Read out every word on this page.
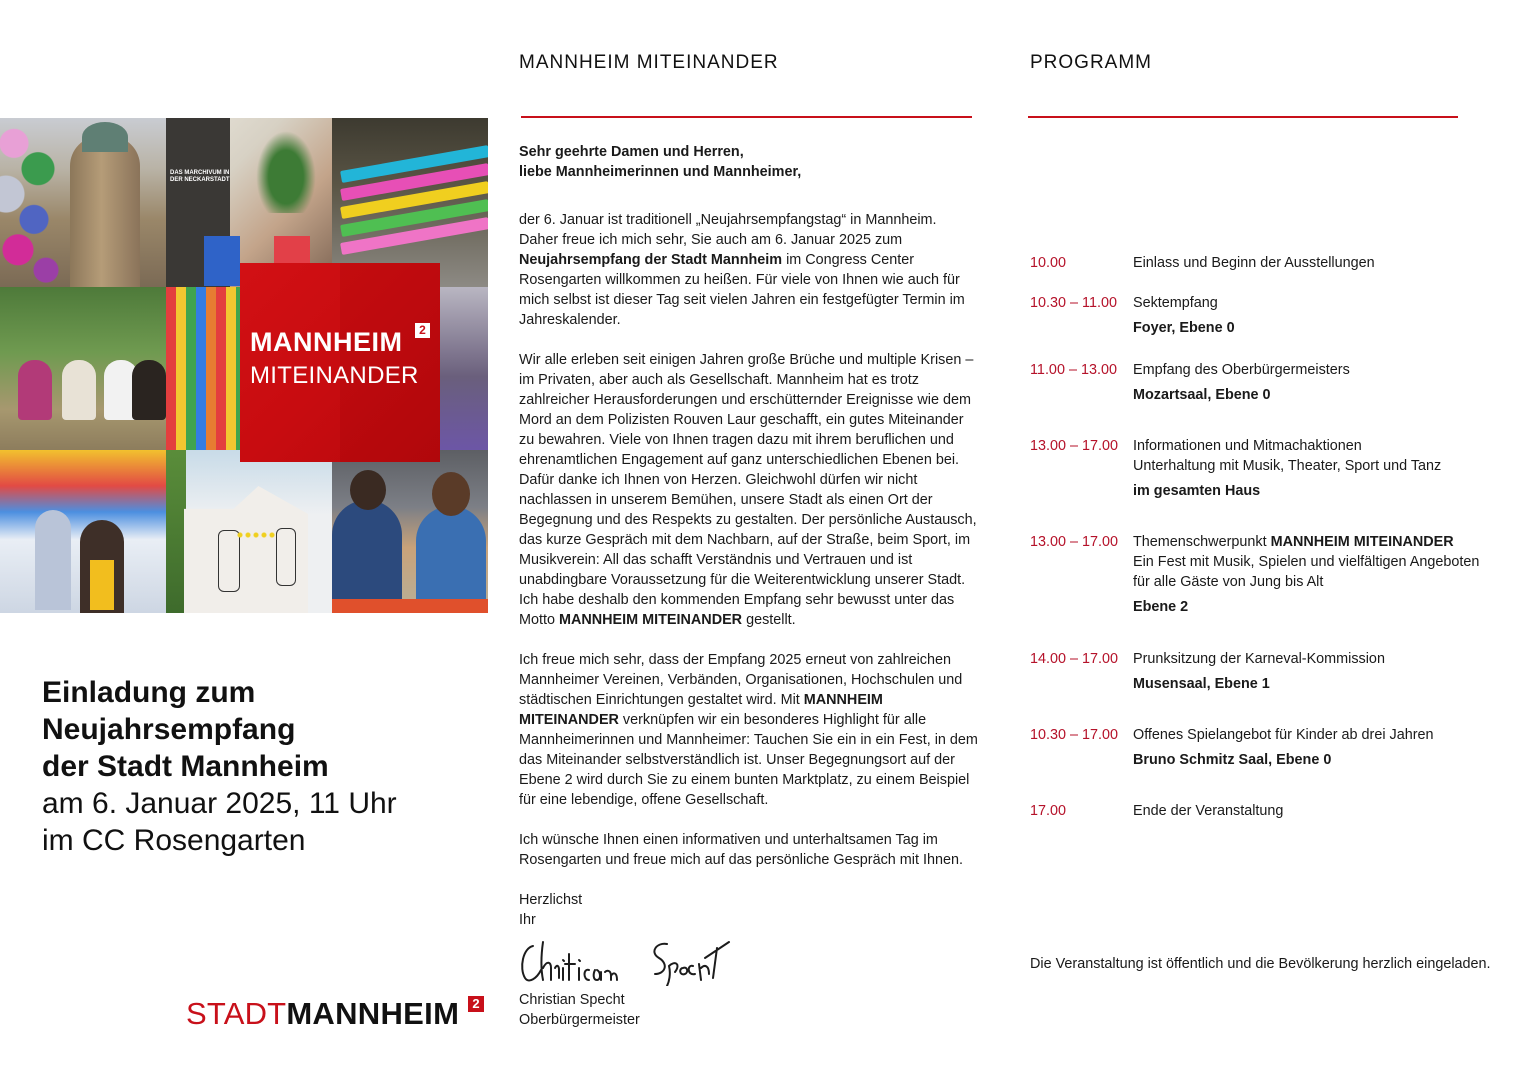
DAS MARCHIVUM IN DER NECKARSTADT
MANNHEIM	2
MITEINANDER
Einladung zum Neujahrsempfang
der Stadt Mannheim
am 6. Januar 2025, 11 Uhr
im CC Rosengarten
STADTMANNHEIM	2
MANNHEIM MITEINANDER
Sehr geehrte Damen und Herren,
liebe Mannheimerinnen und Mannheimer,

der 6. Januar ist traditionell „Neujahrsempfangstag“ in Mannheim. Daher freue ich mich sehr, Sie auch am 6. Januar 2025 zum Neujahrsempfang der Stadt Mannheim im Congress Center Rosengarten willkommen zu heißen. Für viele von Ihnen wie auch für mich selbst ist dieser Tag seit vielen Jahren ein festgefügter Termin im Jahreskalender.

Wir alle erleben seit einigen Jahren große Brüche und multiple Krisen – im Privaten, aber auch als Gesellschaft. Mannheim hat es trotz zahlreicher Herausforderungen und erschütternder Ereignisse wie dem Mord an dem Polizisten Rouven Laur geschafft, ein gutes Miteinander zu bewahren. Viele von Ihnen tragen dazu mit ihrem beruflichen und ehrenamtlichen Engagement auf ganz unterschiedlichen Ebenen bei. Dafür danke ich Ihnen von Herzen. Gleichwohl dürfen wir nicht nachlassen in unserem Bemühen, unsere Stadt als einen Ort der Begegnung und des Respekts zu gestalten. Der persönliche Austausch, das kurze Gespräch mit dem Nachbarn, auf der Straße, beim Sport, im Musikverein: All das schafft Verständnis und Vertrauen und ist unabdingbare Voraussetzung für die Weiterentwicklung unserer Stadt. Ich habe deshalb den kommenden Empfang sehr bewusst unter das Motto MANNHEIM MITEINANDER gestellt.

Ich freue mich sehr, dass der Empfang 2025 erneut von zahlreichen Mannheimer Vereinen, Verbänden, Organisationen, Hochschulen und städtischen Einrichtungen gestaltet wird. Mit MANNHEIM MITEINANDER verknüpfen wir ein besonderes Highlight für alle Mannheimerinnen und Mannheimer: Tauchen Sie ein in ein Fest, in dem das Miteinander selbstverständlich ist. Unser Begegnungsort auf der Ebene 2 wird durch Sie zu einem bunten Marktplatz, zu einem Beispiel für eine lebendige, offene Gesellschaft.

Ich wünsche Ihnen einen informativen und unterhaltsamen Tag im Rosengarten und freue mich auf das persönliche Gespräch mit Ihnen.

Herzlichst

Ihr

Christian Specht

Oberbürgermeister

PROGRAMM
10.00	Einlass und Beginn der Ausstellungen
10.30 – 11.00 Sektempfang
Foyer, Ebene 0
11.00 – 13.00 Empfang des Oberbürgermeisters
Mozartsaal, Ebene 0
13.00 – 17.00 Informationen und Mitmachaktionen
Unterhaltung mit Musik, Theater, Sport und Tanz
im gesamten Haus
13.00 – 17.00 Themenschwerpunkt MANNHEIM MITEINANDER
Ein Fest mit Musik, Spielen und vielfältigen Angeboten
für alle Gäste von Jung bis Alt
Ebene 2
14.00 – 17.00 Prunksitzung der Karneval-Kommission
Musensaal, Ebene 1
10.30 – 17.00 Offenes Spielangebot für Kinder ab drei Jahren
Bruno Schmitz Saal, Ebene 0
17.00	Ende der Veranstaltung
Die Veranstaltung ist öffentlich und die Bevölkerung herzlich eingeladen.
